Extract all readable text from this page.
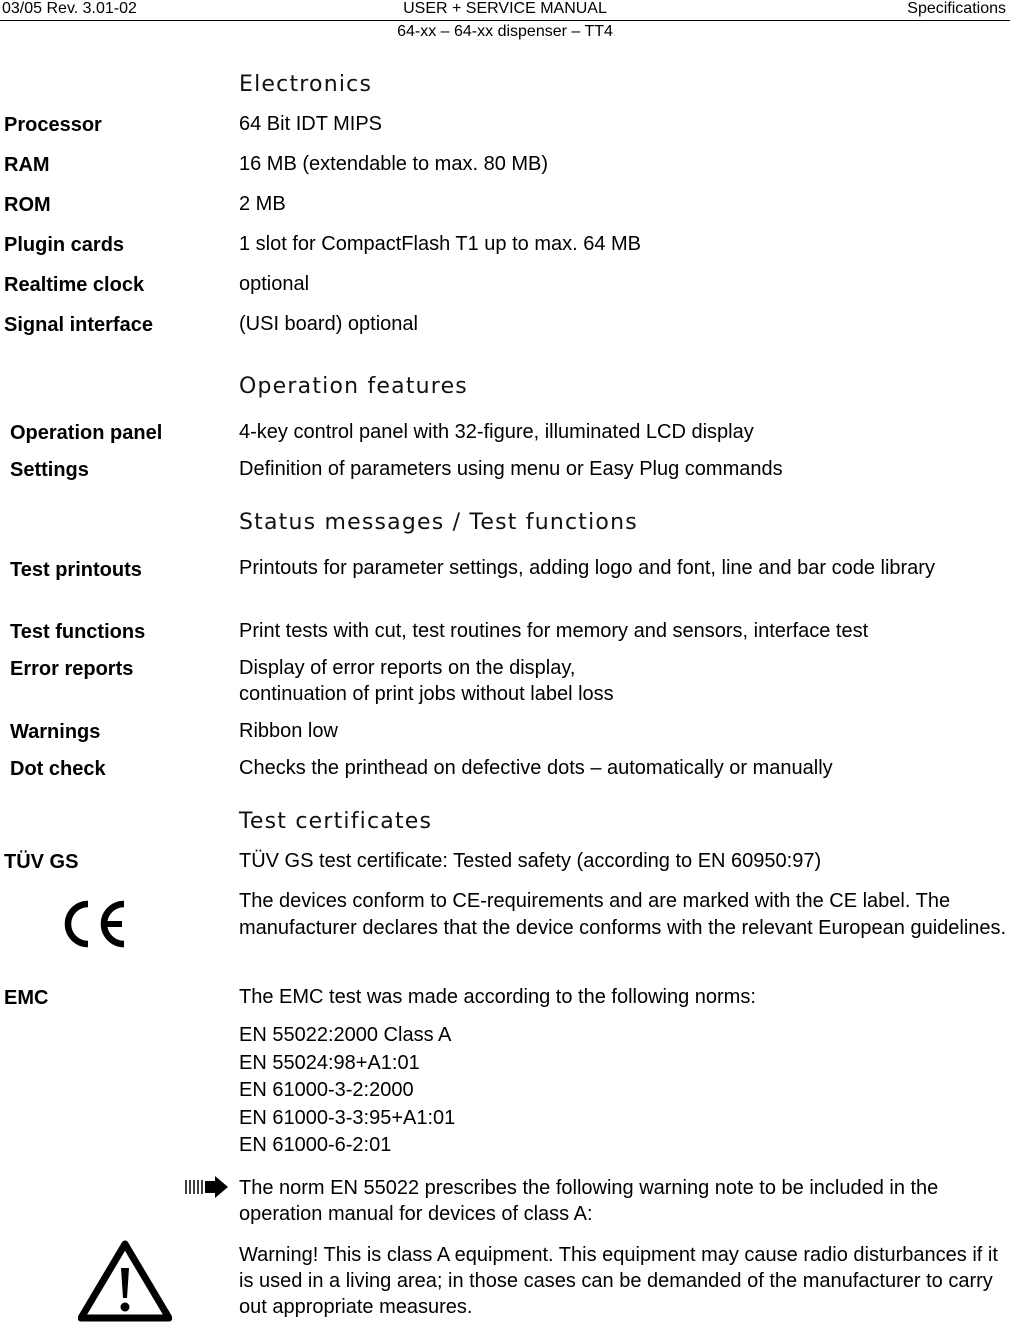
03/05 Rev. 3.01-02	USER + SERVICE MANUAL	Specifications
64-xx – 64-xx dispenser – TT4
Electronics
Processor	64 Bit IDT MIPS
RAM	16 MB (extendable to max. 80 MB)
ROM	2 MB
Plugin cards	1 slot for CompactFlash T1 up to max. 64 MB
Realtime clock	optional
Signal interface	(USI board) optional
Operation features
Operation panel	4-key control panel with 32-figure, illuminated LCD display
Settings	Definition of parameters using menu or Easy Plug commands
Status messages / Test functions
Test printouts	Printouts for parameter settings, adding logo and font, line and bar code library
Test functions	Print tests with cut, test routines for memory and sensors, interface test
Error reports	Display of error reports on the display,
continuation of print jobs without label loss
Warnings	Ribbon low
Dot check	Checks the printhead on defective dots – automatically or manually
Test certificates
TÜV GS	TÜV GS test certificate: Tested safety (according to EN 60950:97)
The devices conform to CE-requirements and are marked with the CE label. The manufacturer declares that the device conforms with the relevant European guidelines.
EMC	The EMC test was made according to the following norms:
EN 55022:2000 Class A
EN 55024:98+A1:01
EN 61000-3-2:2000
EN 61000-3-3:95+A1:01
EN 61000-6-2:01
The norm EN 55022 prescribes the following warning note to be included in the operation manual for devices of class A:
Warning! This is class A equipment. This equipment may cause radio disturbances if it is used in a living area; in those cases can be demanded of the manufacturer to carry out appropriate measures.
